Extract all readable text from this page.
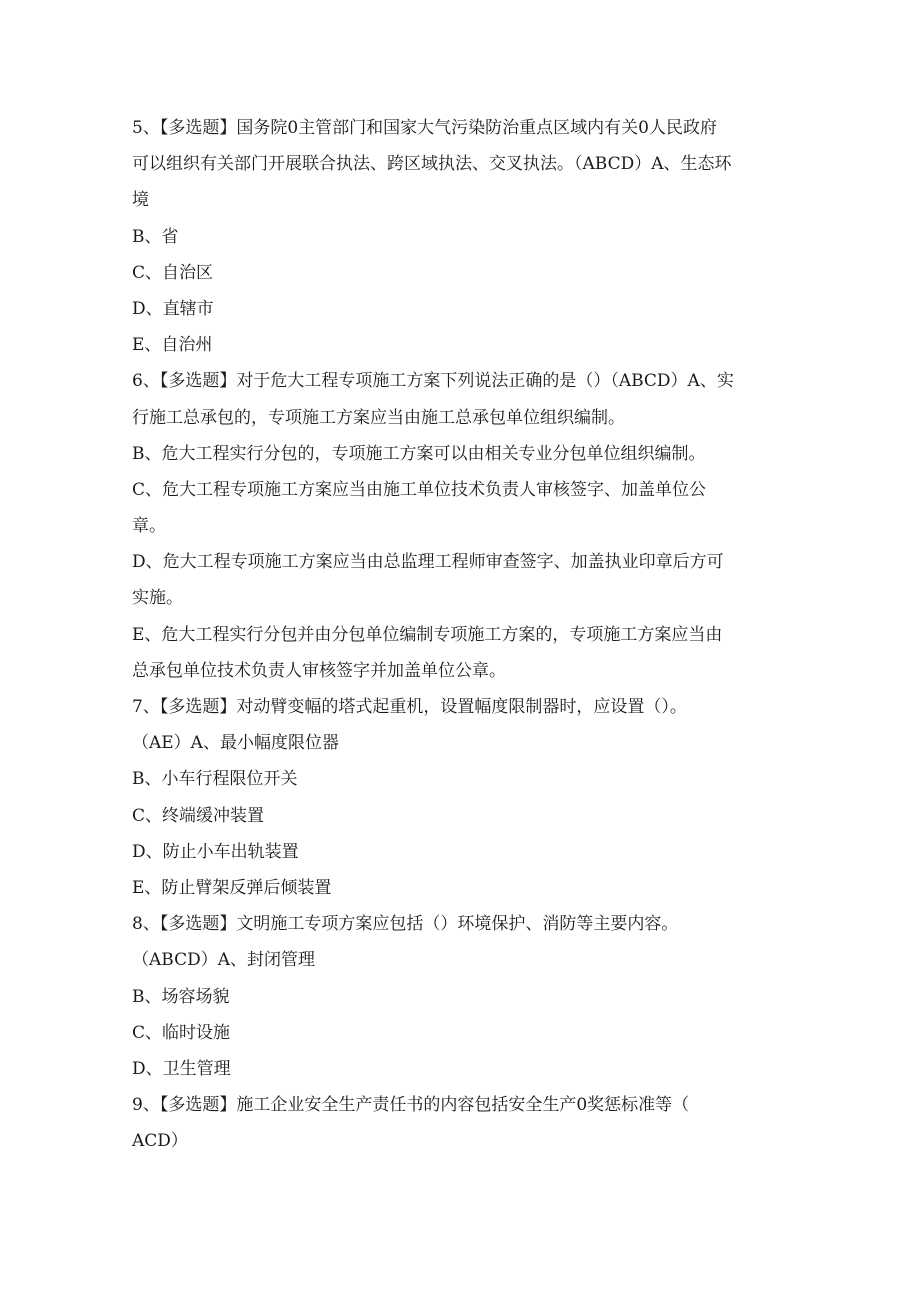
5、【多选题】国务院0主管部门和国家大气污染防治重点区域内有关0人民政府
可以组织有关部门开展联合执法、跨区域执法、交叉执法。（ABCD）A、生态环
境
B、省
C、自治区
D、直辖市
E、自治州
6、【多选题】对于危大工程专项施工方案下列说法正确的是（）（ABCD）A、实
行施工总承包的，专项施工方案应当由施工总承包单位组织编制。
B、危大工程实行分包的，专项施工方案可以由相关专业分包单位组织编制。
C、危大工程专项施工方案应当由施工单位技术负责人审核签字、加盖单位公
章。
D、危大工程专项施工方案应当由总监理工程师审查签字、加盖执业印章后方可
实施。
E、危大工程实行分包并由分包单位编制专项施工方案的，专项施工方案应当由
总承包单位技术负责人审核签字并加盖单位公章。
7、【多选题】对动臂变幅的塔式起重机，设置幅度限制器时，应设置（）。
（AE）A、最小幅度限位器
B、小车行程限位开关
C、终端缓冲装置
D、防止小车出轨装置
E、防止臂架反弹后倾装置
8、【多选题】文明施工专项方案应包括（）环境保护、消防等主要内容。
（ABCD）A、封闭管理
B、场容场貌
C、临时设施
D、卫生管理
9、【多选题】施工企业安全生产责任书的内容包括安全生产0奖惩标准等（
ACD）
